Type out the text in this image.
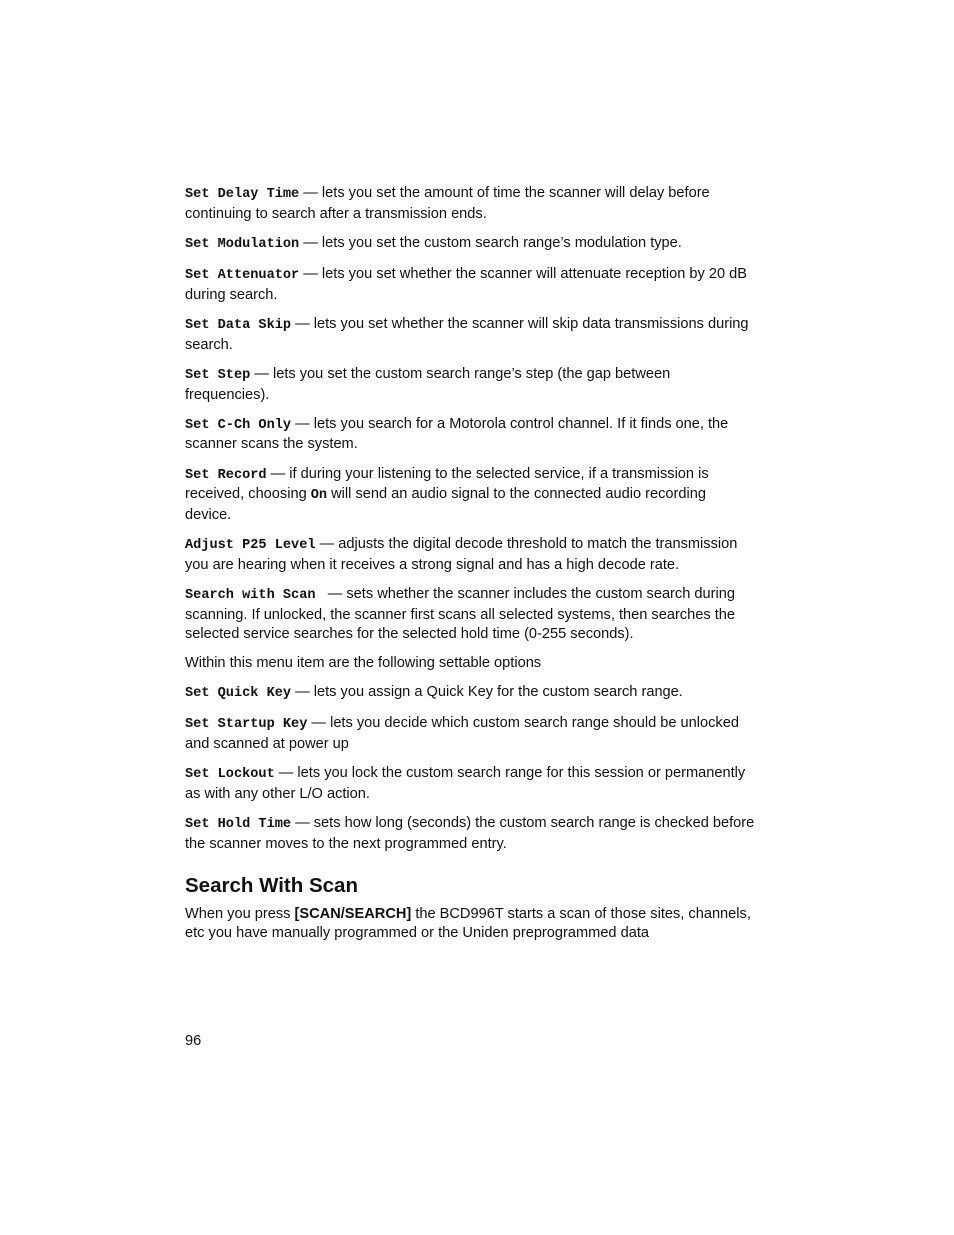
Set Delay Time — lets you set the amount of time the scanner will delay before continuing to search after a transmission ends.

Set Modulation — lets you set the custom search range’s modulation type.

Set Attenuator — lets you set whether the scanner will attenuate reception by 20 dB during search.

Set Data Skip — lets you set whether the scanner will skip data transmissions during search.

Set Step — lets you set the custom search range’s step (the gap between frequencies).

Set C-Ch Only — lets you search for a Motorola control channel. If it finds one, the scanner scans the system.

Set Record — if during your listening to the selected service, if a transmission is received, choosing On will send an audio signal to the connected audio recording device.

Adjust P25 Level — adjusts the digital decode threshold to match the transmission you are hearing when it receives a strong signal and has a high decode rate.

Search with Scan  — sets whether the scanner includes the custom search during scanning. If unlocked, the scanner first scans all selected systems, then searches the selected service searches for the selected hold time (0-255 seconds).

Within this menu item are the following settable options

Set Quick Key — lets you assign a Quick Key for the custom search range.

Set Startup Key — lets you decide which custom search range should be unlocked and scanned at power up

Set Lockout — lets you lock the custom search range for this session or permanently as with any other L/O action.

Set Hold Time — sets how long (seconds) the custom search range is checked before the scanner moves to the next programmed entry.

Search With Scan

When you press [SCAN/SEARCH] the BCD996T starts a scan of those sites, channels, etc you have manually programmed or the Uniden preprogrammed data

96
